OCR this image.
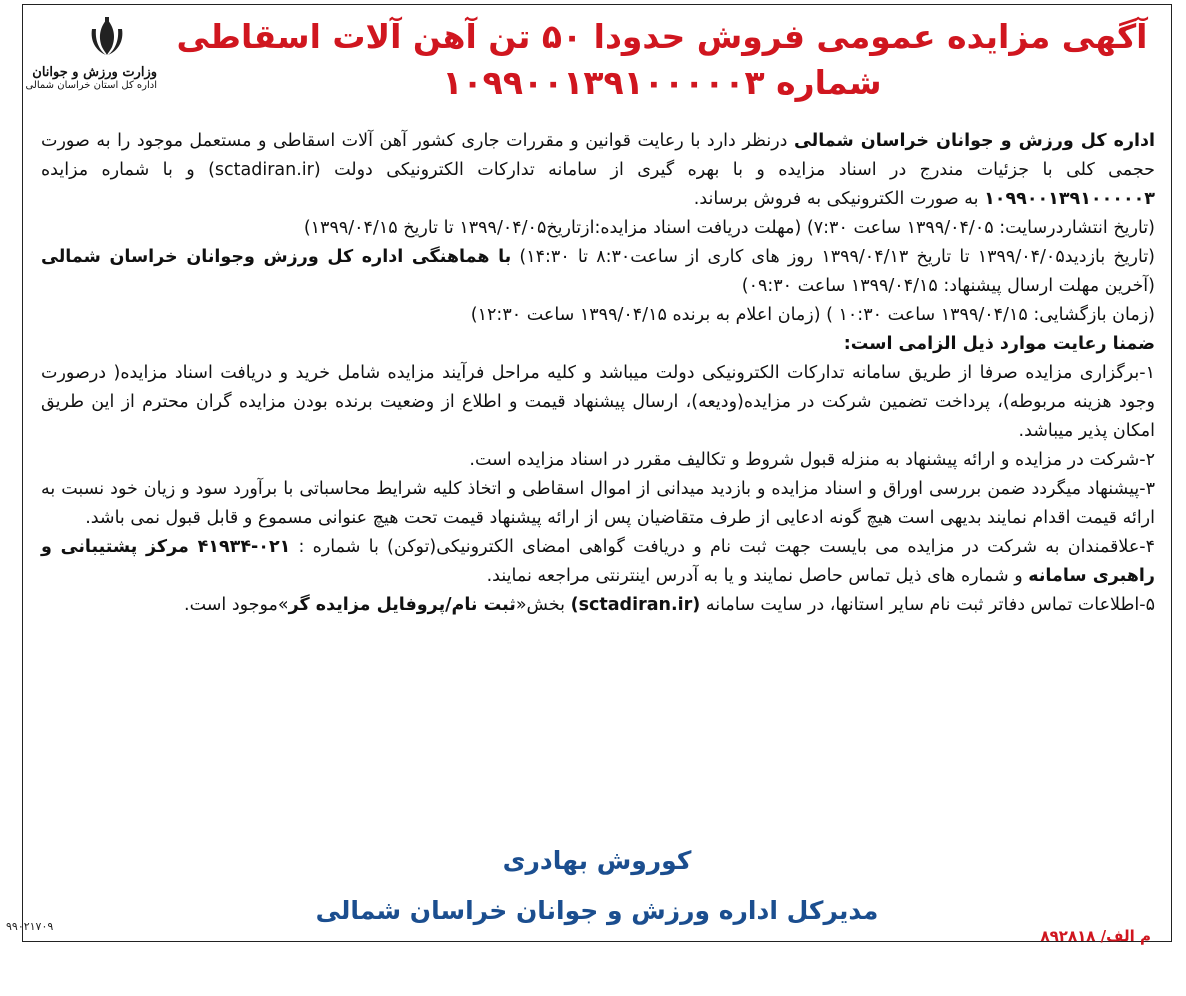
وزارت ورزش و جوانان
اداره کل استان خراسان شمالی
آگهی مزایده عمومی فروش حدودا ۵۰ تن آهن آلات اسقاطی
شماره ۱۰۹۹۰۰۱۳۹۱۰۰۰۰۰۳

اداره کل ورزش و جوانان خراسان شمالی درنظر دارد با رعایت قوانین و مقررات جاری کشور آهن آلات اسقاطی و مستعمل موجود را به صورت حجمی کلی با جزئیات مندرج در اسناد مزایده و با بهره گیری از سامانه تدارکات الکترونیکی دولت (sctadiran.ir) و با شماره مزایده ۱۰۹۹۰۰۱۳۹۱۰۰۰۰۰۳ به صورت الکترونیکی به فروش برساند.

(تاریخ انتشاردرسایت: ۱۳۹۹/۰۴/۰۵ ساعت ۷:۳۰) (مهلت دریافت اسناد مزایده:ازتاریخ۱۳۹۹/۰۴/۰۵ تا تاریخ ۱۳۹۹/۰۴/۱۵)

(تاریخ بازدید۱۳۹۹/۰۴/۰۵ تا تاریخ ۱۳۹۹/۰۴/۱۳ روز های کاری از ساعت۸:۳۰ تا ۱۴:۳۰) با هماهنگی اداره کل ورزش وجوانان خراسان شمالی (آخرین مهلت ارسال پیشنهاد: ۱۳۹۹/۰۴/۱۵ ساعت ۰۹:۳۰)

(زمان بازگشایی: ۱۳۹۹/۰۴/۱۵ ساعت ۱۰:۳۰ ) (زمان اعلام به برنده ۱۳۹۹/۰۴/۱۵ ساعت ۱۲:۳۰)

ضمنا رعایت موارد ذیل الزامی است:

۱-برگزاری مزایده صرفا از طریق سامانه تدارکات الکترونیکی دولت میباشد و کلیه مراحل فرآیند مزایده شامل خرید و دریافت اسناد مزایده( درصورت وجود هزینه مربوطه)، پرداخت تضمین شرکت در مزایده(ودیعه)، ارسال پیشنهاد قیمت و اطلاع از وضعیت برنده بودن مزایده گران محترم از این طریق امکان پذیر میباشد.

۲-شرکت در مزایده و ارائه پیشنهاد به منزله قبول شروط و تکالیف مقرر در اسناد مزایده است.

۳-پیشنهاد میگردد ضمن بررسی اوراق و اسناد مزایده و بازدید میدانی از اموال اسقاطی و اتخاذ کلیه شرایط محاسباتی با برآورد سود و زیان خود نسبت به ارائه قیمت اقدام نمایند بدیهی است هیچ گونه ادعایی از طرف متقاضیان پس از ارائه پیشنهاد قیمت تحت هیچ عنوانی مسموع و قابل قبول نمی باشد.

۴-علاقمندان به شرکت در مزایده می بایست جهت ثبت نام و دریافت گواهی امضای الکترونیکی(توکن) با شماره : ۰۲۱-۴۱۹۳۴ مرکز پشتیبانی و راهبری سامانه و شماره های ذیل تماس حاصل نمایند و یا به آدرس اینترنتی مراجعه نمایند.

۵-اطلاعات تماس دفاتر ثبت نام سایر استانها، در سایت سامانه (sctadiran.ir) بخش«ثبت نام/پروفایل مزایده گر»موجود است.

کوروش بهادری
مدیرکل اداره ورزش و جوانان خراسان شمالی
م الف/ ۸۹۲۸۱۸
۹۹۰۲۱۷۰۹
